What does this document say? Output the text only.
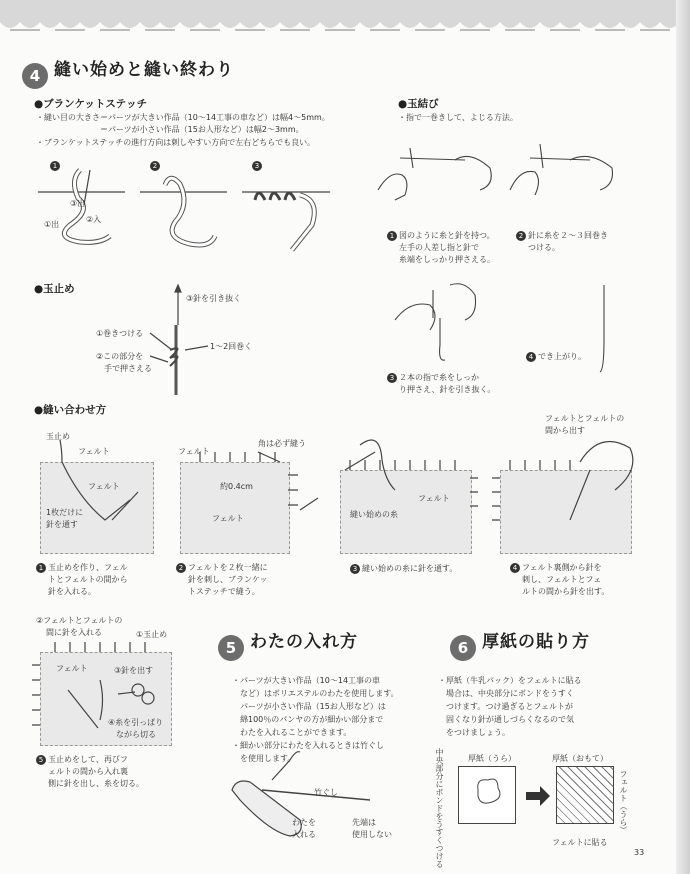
4 縫い始めと縫い終わり
●ブランケットステッチ
・縫い目の大きさ＝パーツが大きい作品（10～14工事の車など）は幅4～5mm。
　　　　　　　　＝パーツが小さい作品（15お人形など）は幅2～3mm。
・ブランケットステッチの進行方向は刺しやすい方向で左右どちらでも良い。
1	2	3
③出
①出
②入
●玉結び
・指で一巻きして、よじる方法。
1 図のように糸と針を持つ。
左手の人差し指と針で
糸端をしっかり押さえる。
2 針に糸を２～３回巻き
つける。
3 ２本の指で糸をしっか
り押さえ、針を引き抜く。
4 でき上がり。
●玉止め
③針を引き抜く
①巻きつける
②この部分を
手で押さえる
1～2回巻く
●縫い合わせ方
玉止め
フェルト
フェルト
1枚だけに
針を通す
1 玉止めを作り、フェル
トとフェルトの間から
針を入れる。
フェルト
角は必ず縫う
約0.4cm
フェルト
2 フェルトを２枚一緒に
針を刺し、ブランケッ
トステッチで縫う。
フェルト
縫い始めの糸
3 縫い始めの糸に針を通す。
フェルトとフェルトの
間から出す
4 フェルト裏側から針を
刺し、フェルトとフェ
ルトの間から針を出す。
②フェルトとフェルトの
間に針を入れる	①玉止め
フェルト	③針を出す
④糸を引っぱり
ながら切る
5 玉止めをして、再びフ
ェルトの間から入れ裏
側に針を出し、糸を切る。
5 わたの入れ方
・パーツが大きい作品（10～14工事の車
　など）はポリエステルのわたを使用します。
　パーツが小さい作品（15お人形など）は
　綿100％のパンヤの方が細かい部分まで
　わたを入れることができます。
・細かい部分にわたを入れるときは竹ぐし
　を使用します。
竹ぐし
わたを
入れる
先端は
使用しない
6 厚紙の貼り方
・厚紙（牛乳パック）をフェルトに貼る
　場合は、中央部分にボンドをうすく
　つけます。つけ過ぎるとフェルトが
　固くなり針が通しづらくなるので気
　をつけましょう。
中央部分にボンドをうすくつける	厚紙（うら）	厚紙（おもて）
フェルト（うら）
フェルトに貼る
33
